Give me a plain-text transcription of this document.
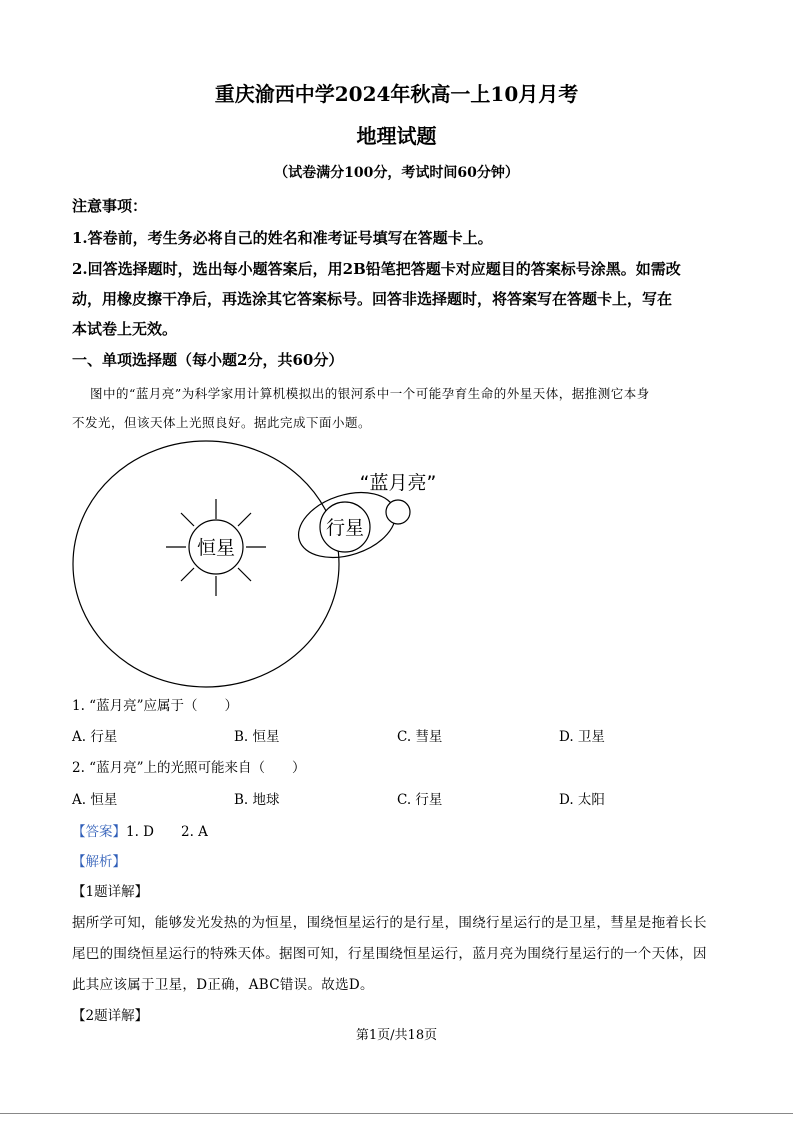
重庆渝西中学2024年秋高一上10月月考
地理试题
（试卷满分100分，考试时间60分钟）
注意事项：
1.答卷前，考生务必将自己的姓名和准考证号填写在答题卡上。
2.回答选择题时，选出每小题答案后，用2B铅笔把答题卡对应题目的答案标号涂黑。如需改
动，用橡皮擦干净后，再选涂其它答案标号。回答非选择题时，将答案写在答题卡上，写在
本试卷上无效。
一、单项选择题（每小题2分，共60分）
图中的“蓝月亮”为科学家用计算机模拟出的银河系中一个可能孕育生命的外星天体，据推测它本身
不发光，但该天体上光照良好。据此完成下面小题。
恒星
行星
“蓝月亮”
1. “蓝月亮”应属于（　　）
A. 行星	B. 恒星	C. 彗星	D. 卫星
2. “蓝月亮”上的光照可能来自（　　）
A. 恒星	B. 地球	C. 行星	D. 太阳
【答案】1. D　　2. A
【解析】
【1题详解】
据所学可知，能够发光发热的为恒星，围绕恒星运行的是行星，围绕行星运行的是卫星，彗星是拖着长长
尾巴的围绕恒星运行的特殊天体。据图可知，行星围绕恒星运行，蓝月亮为围绕行星运行的一个天体，因
此其应该属于卫星，D正确，ABC错误。故选D。
【2题详解】
第1页/共18页
